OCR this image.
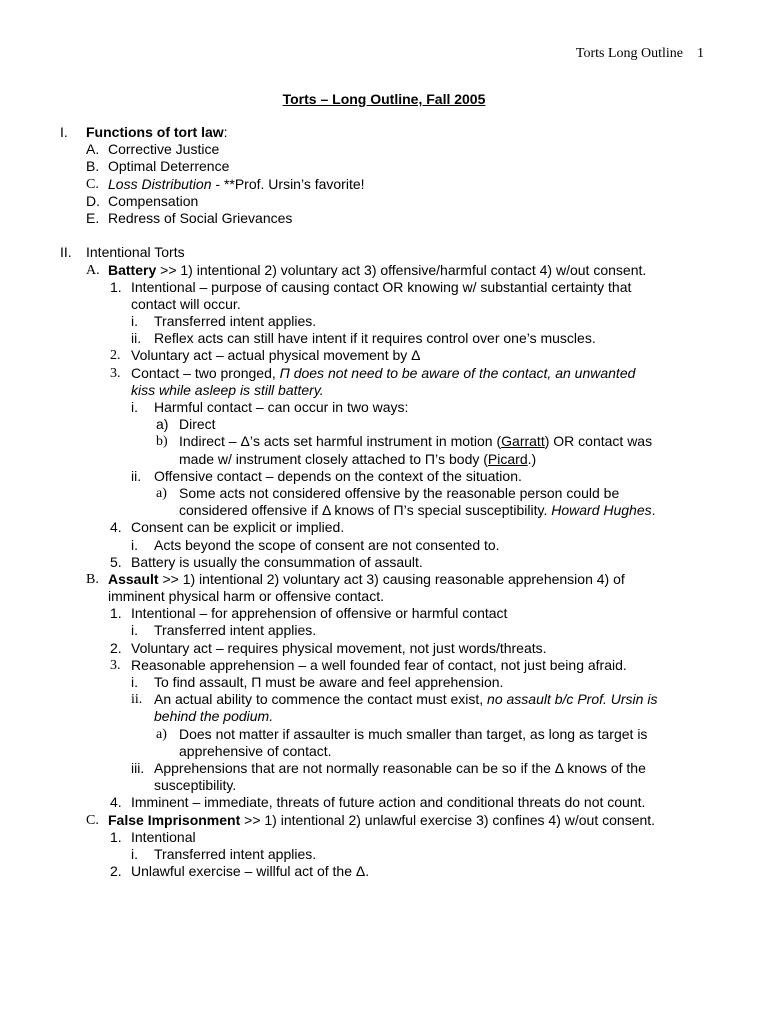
Torts Long Outline 1
Torts – Long Outline, Fall 2005
I. Functions of tort law:
A. Corrective Justice
B. Optimal Deterrence
C. Loss Distribution - **Prof. Ursin’s favorite!
D. Compensation
E. Redress of Social Grievances
II. Intentional Torts
A. Battery >> 1) intentional 2) voluntary act 3) offensive/harmful contact 4) w/out consent.
1. Intentional – purpose of causing contact OR knowing w/ substantial certainty that
contact will occur.
i. Transferred intent applies.
ii. Reflex acts can still have intent if it requires control over one’s muscles.
2. Voluntary act – actual physical movement by Δ
3. Contact – two pronged, Π does not need to be aware of the contact, an unwanted
kiss while asleep is still battery.
i. Harmful contact – can occur in two ways:
a) Direct
b) Indirect – Δ’s acts set harmful instrument in motion (Garratt) OR contact was
made w/ instrument closely attached to Π’s body (Picard.)
ii. Offensive contact – depends on the context of the situation.
a) Some acts not considered offensive by the reasonable person could be
considered offensive if Δ knows of Π’s special susceptibility. Howard Hughes.
4. Consent can be explicit or implied.
i. Acts beyond the scope of consent are not consented to.
5. Battery is usually the consummation of assault.
B. Assault >> 1) intentional 2) voluntary act 3) causing reasonable apprehension 4) of
imminent physical harm or offensive contact.
1. Intentional – for apprehension of offensive or harmful contact
i. Transferred intent applies.
2. Voluntary act – requires physical movement, not just words/threats.
3. Reasonable apprehension – a well founded fear of contact, not just being afraid.
i. To find assault, Π must be aware and feel apprehension.
ii. An actual ability to commence the contact must exist, no assault b/c Prof. Ursin is
behind the podium.
a) Does not matter if assaulter is much smaller than target, as long as target is
apprehensive of contact.
iii. Apprehensions that are not normally reasonable can be so if the Δ knows of the
susceptibility.
4. Imminent – immediate, threats of future action and conditional threats do not count.
C. False Imprisonment >> 1) intentional 2) unlawful exercise 3) confines 4) w/out consent.
1. Intentional
i. Transferred intent applies.
2. Unlawful exercise – willful act of the Δ.
